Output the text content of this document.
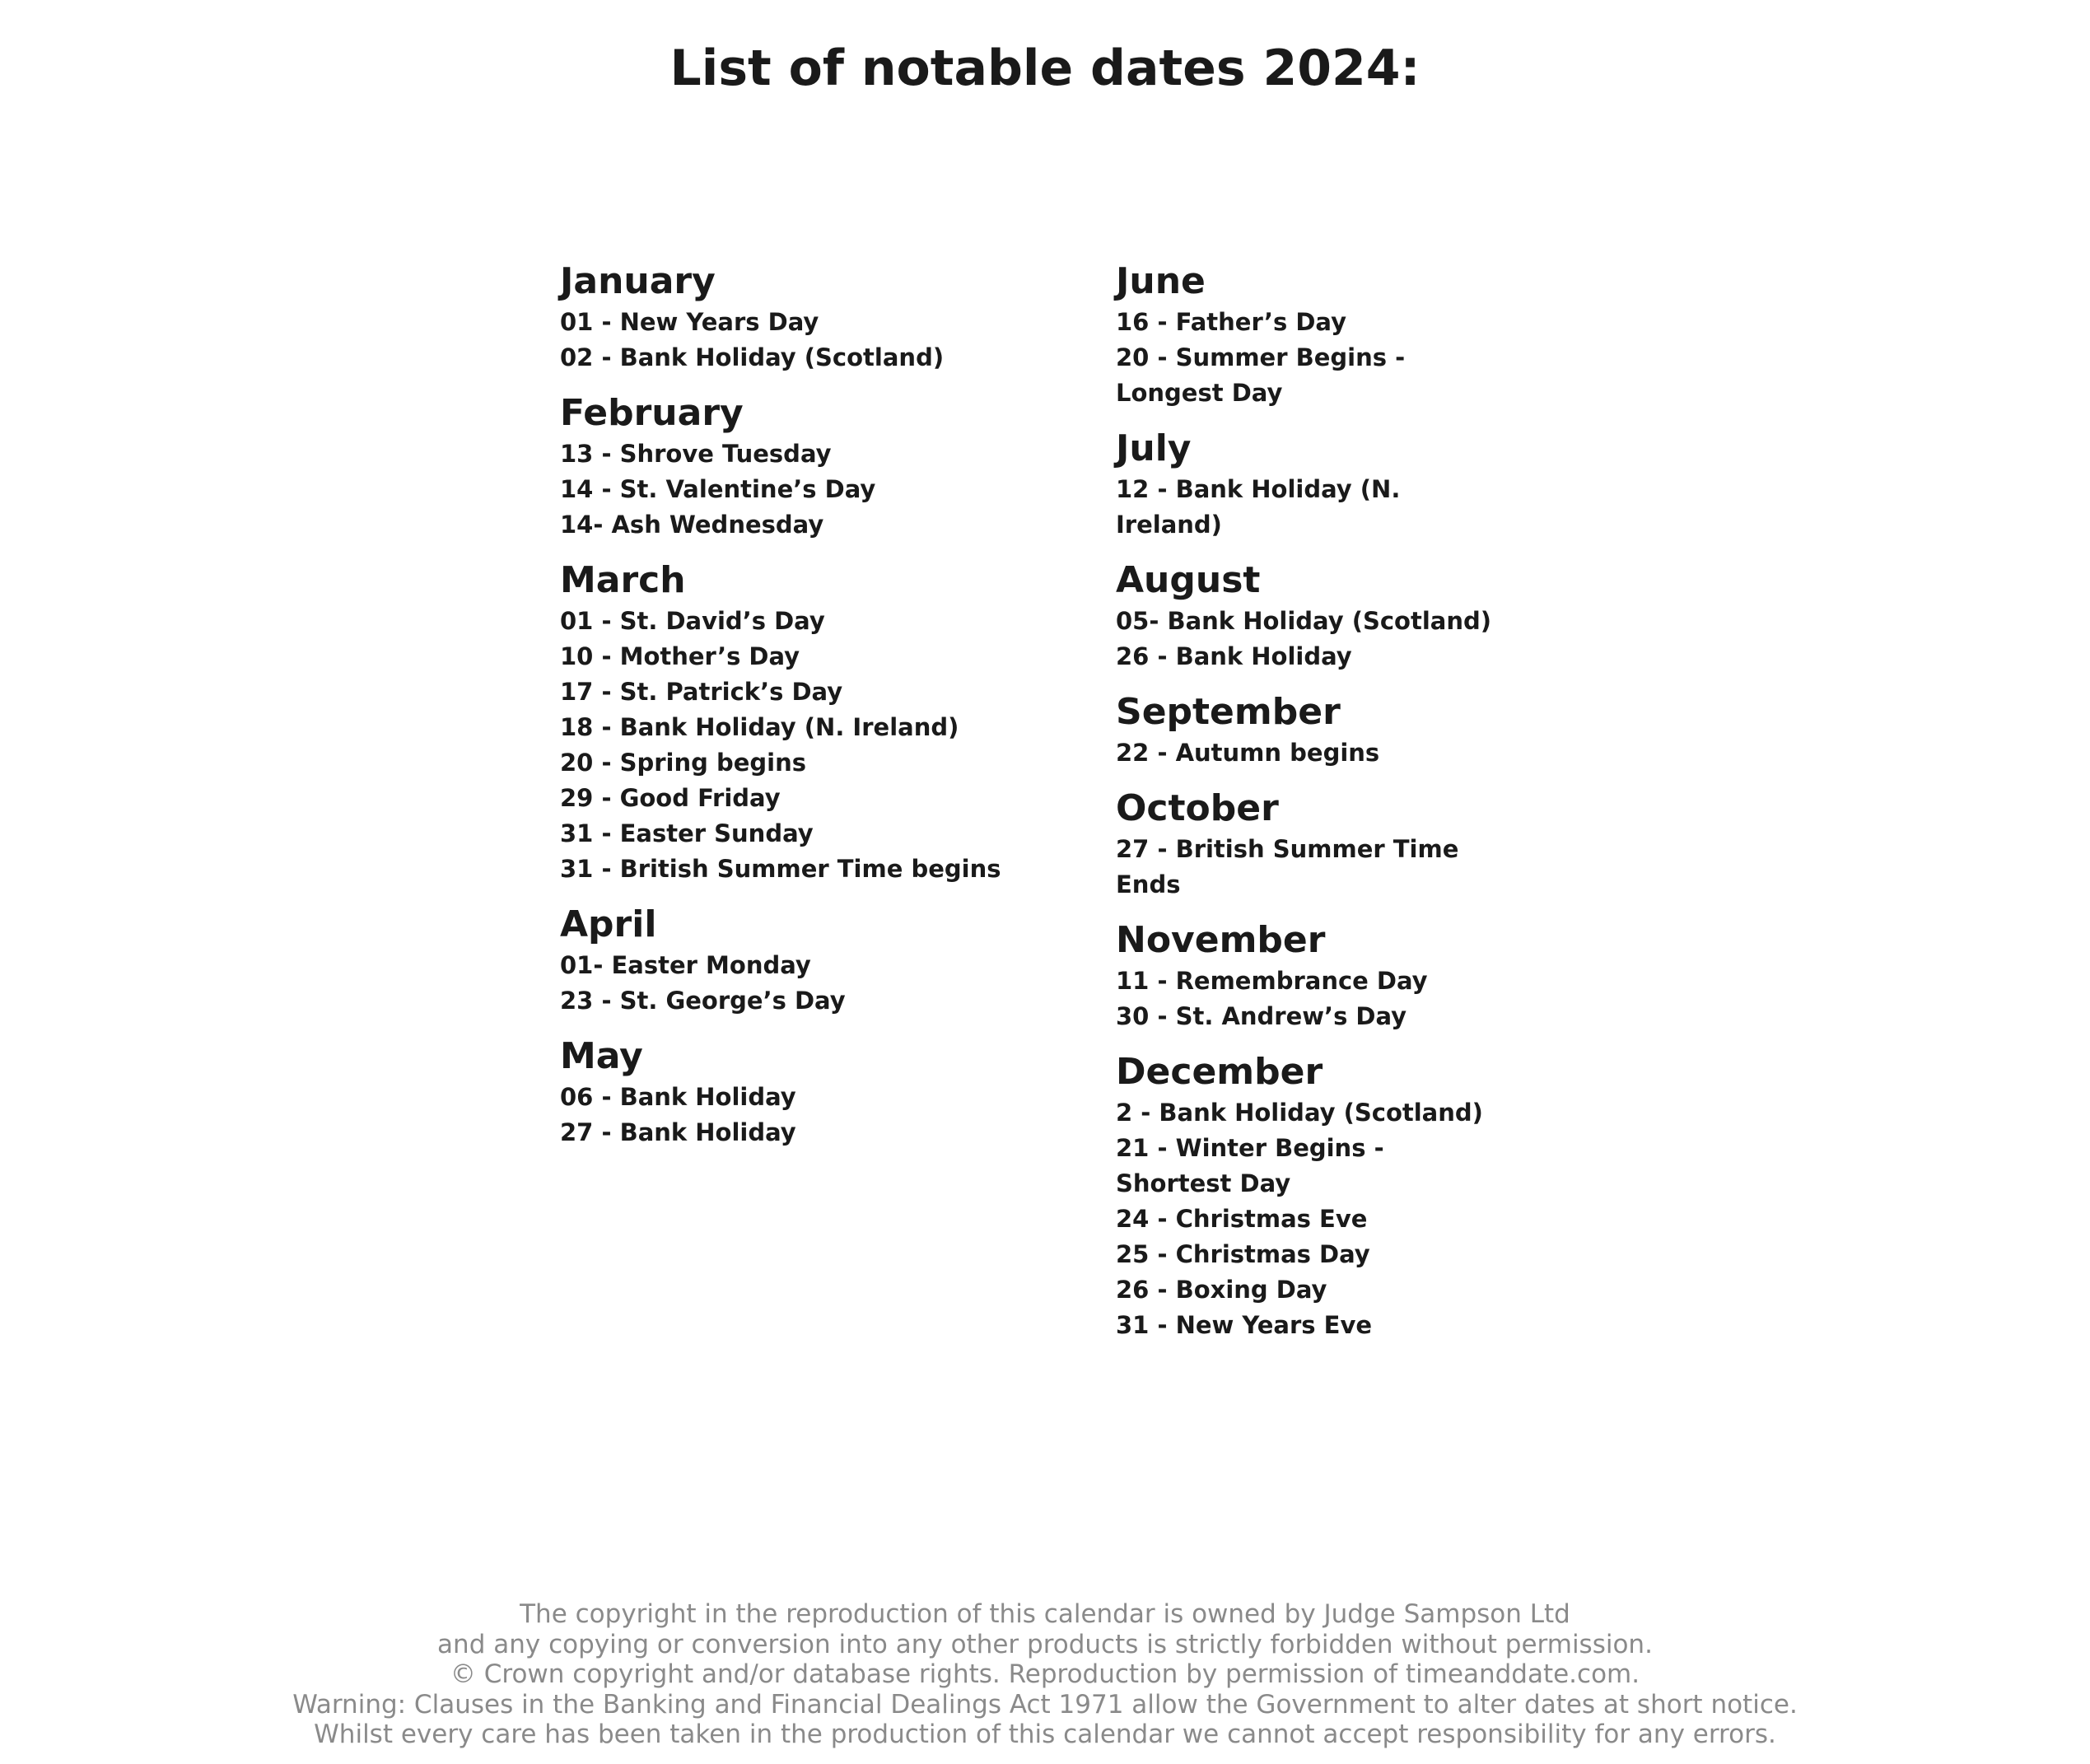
List of notable dates 2024:
January
01 - New Years Day
02 - Bank Holiday (Scotland)
February
13 - Shrove Tuesday
14 - St. Valentine’s Day
14- Ash Wednesday
March
01 - St. David’s Day
10 - Mother’s Day
17 - St. Patrick’s Day
18 - Bank Holiday (N. Ireland)
20 - Spring begins
29 - Good Friday
31 - Easter Sunday
31 - British Summer Time begins
April
01- Easter Monday
23 - St. George’s Day
May
06 - Bank Holiday
27 - Bank Holiday
June
16 - Father’s Day
20 - Summer Begins - Longest Day
July
12 - Bank Holiday (N. Ireland)
August
05- Bank Holiday (Scotland)
26 - Bank Holiday
September
22 - Autumn begins
October
27 - British Summer Time Ends
November
11 - Remembrance Day
30 - St. Andrew’s Day
December
2 - Bank Holiday (Scotland)
21 - Winter Begins - Shortest Day
24 - Christmas Eve
25 - Christmas Day
26 - Boxing Day
31 - New Years Eve
The copyright in the reproduction of this calendar is owned by Judge Sampson Ltd
and any copying or conversion into any other products is strictly forbidden without permission.
© Crown copyright and/or database rights. Reproduction by permission of timeanddate.com.
Warning: Clauses in the Banking and Financial Dealings Act 1971 allow the Government to alter dates at short notice.
Whilst every care has been taken in the production of this calendar we cannot accept responsibility for any errors.
